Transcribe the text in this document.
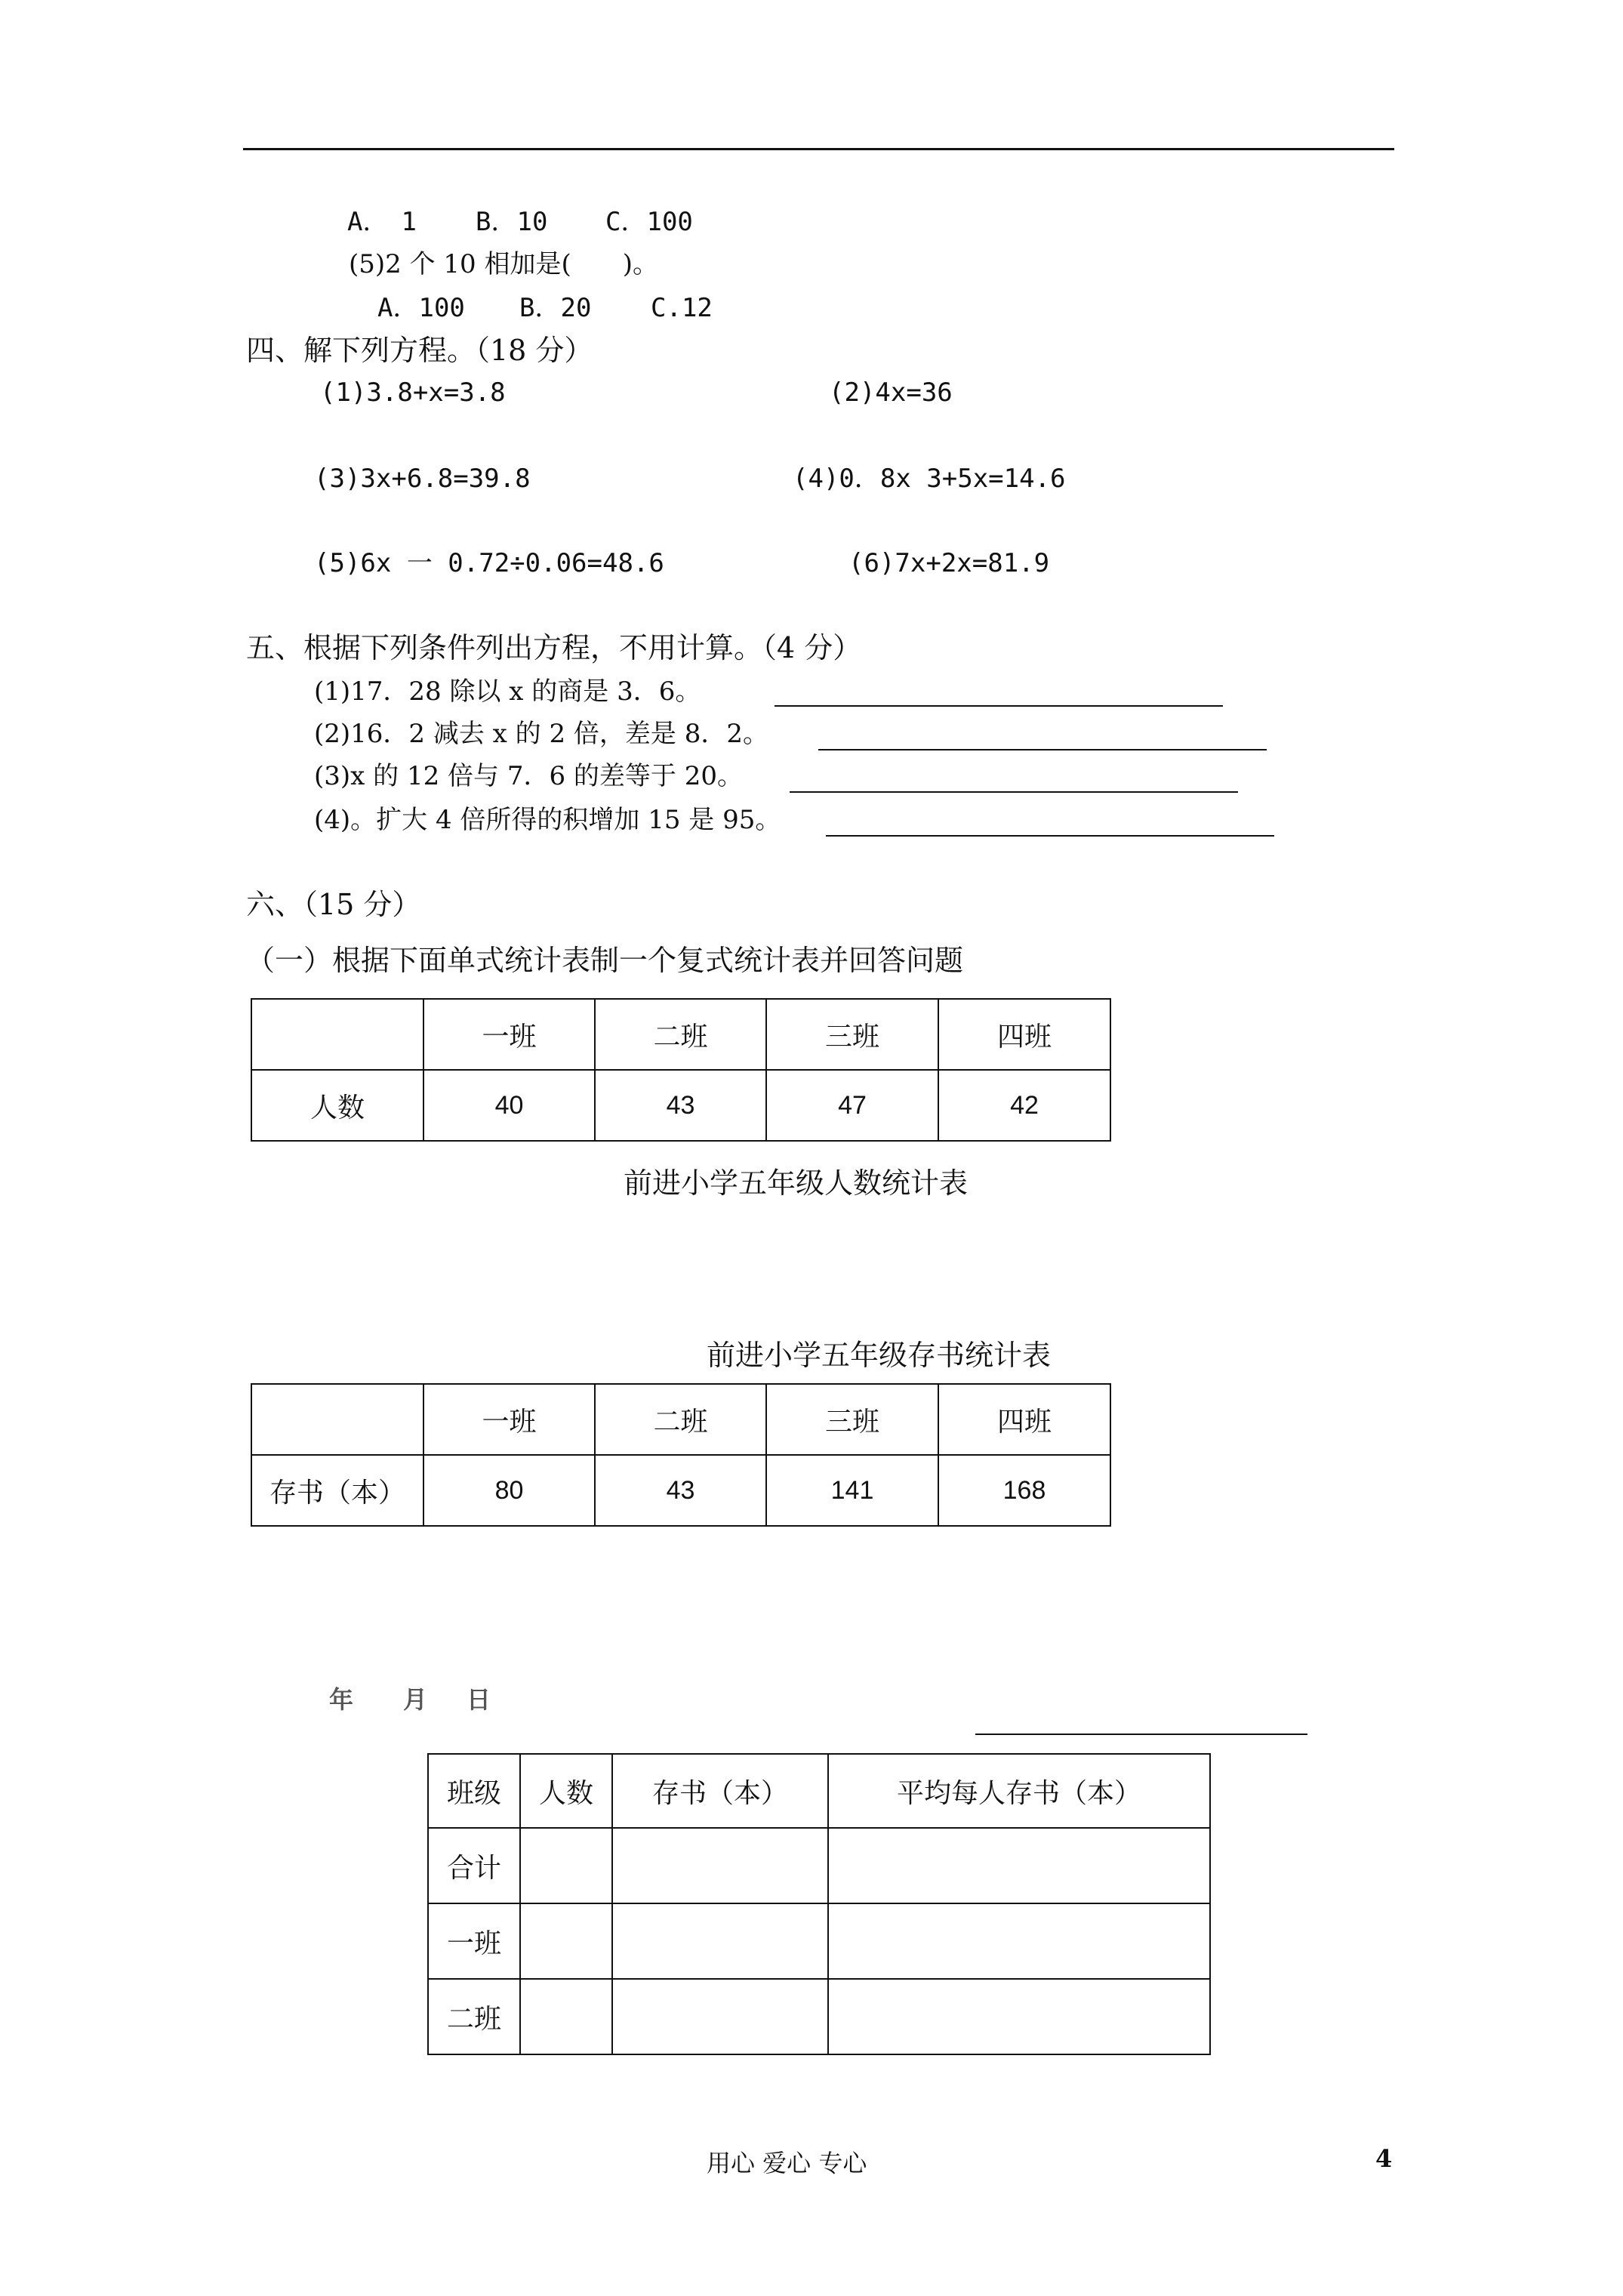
A．　1 B．10 C．100
(5)2 个 10 相加是(　　)。
A．100 B．20 C.12
四、解下列方程。（18 分）
(1)3.8+x=3.8	(2)4x=36
(3)3x+6.8=39.8	(4)0．8x 3+5x=14.6
(5)6x 一 0.72÷0.06=48.6	(6)7x+2x=81.9
五、根据下列条件列出方程，不用计算。（4 分）
(1)17．28 除以 x 的商是 3．6。
(2)16．2 减去 x 的 2 倍，差是 8．2。
(3)x 的 12 倍与 7．6 的差等于 20。
(4)。扩大 4 倍所得的积增加 15 是 95。
六、（15 分）
（一）根据下面单式统计表制一个复式统计表并回答问题
	一班	二班	三班	四班
人数	40	43	47	42
前进小学五年级人数统计表
前进小学五年级存书统计表
	一班	二班	三班	四班
存书（本）	80	43	141	168
年 月 日
班级	人数	存书（本）	平均每人存书（本）
合计			
一班			
二班			
用心 爱心 专心	4
